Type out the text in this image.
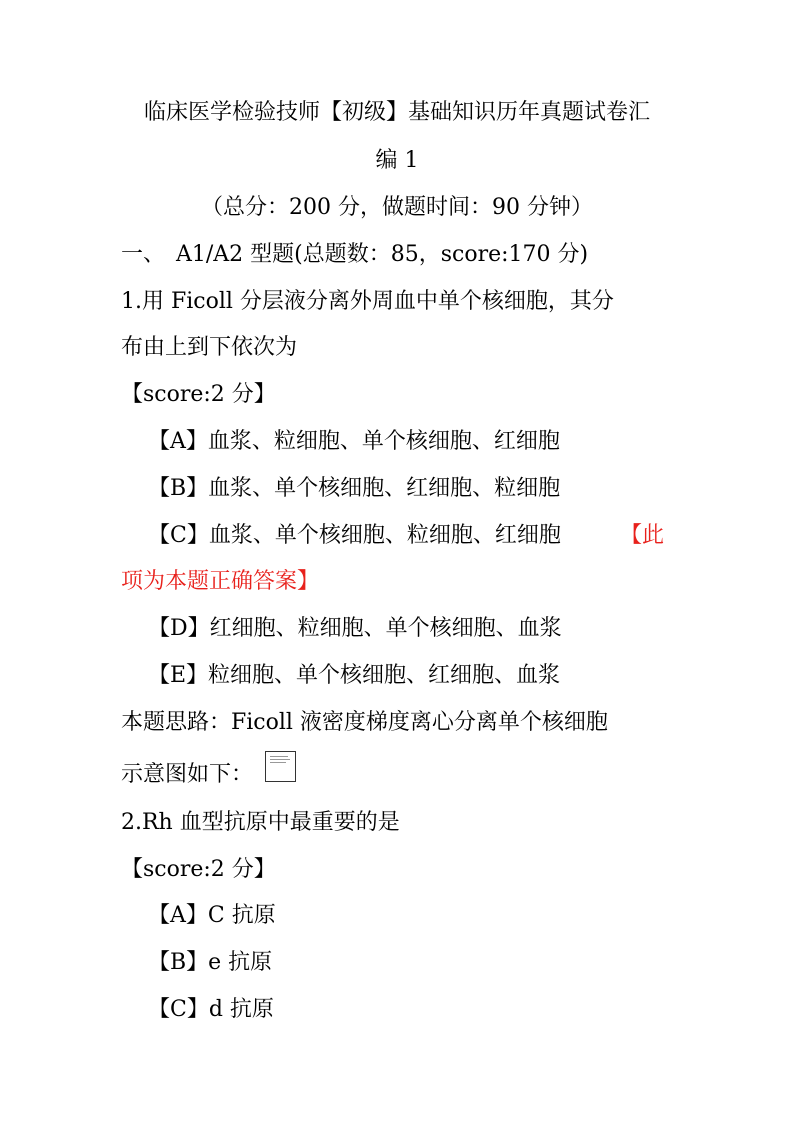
临床医学检验技师【初级】基础知识历年真题试卷汇
编 1
（总分：200 分，做题时间：90 分钟）
一、　A1/A2 型题(总题数：85，score:170 分)
1.用 Ficoll 分层液分离外周血中单个核细胞，其分
布由上到下依次为
【score:2 分】
【A】血浆、粒细胞、单个核细胞、红细胞
【B】血浆、单个核细胞、红细胞、粒细胞
【C】血浆、单个核细胞、粒细胞、红细胞	【此
项为本题正确答案】
【D】红细胞、粒细胞、单个核细胞、血浆
【E】粒细胞、单个核细胞、红细胞、血浆
本题思路：Ficoll 液密度梯度离心分离单个核细胞
示意图如下：
2.Rh 血型抗原中最重要的是
【score:2 分】
【A】C 抗原
【B】e 抗原
【C】d 抗原
